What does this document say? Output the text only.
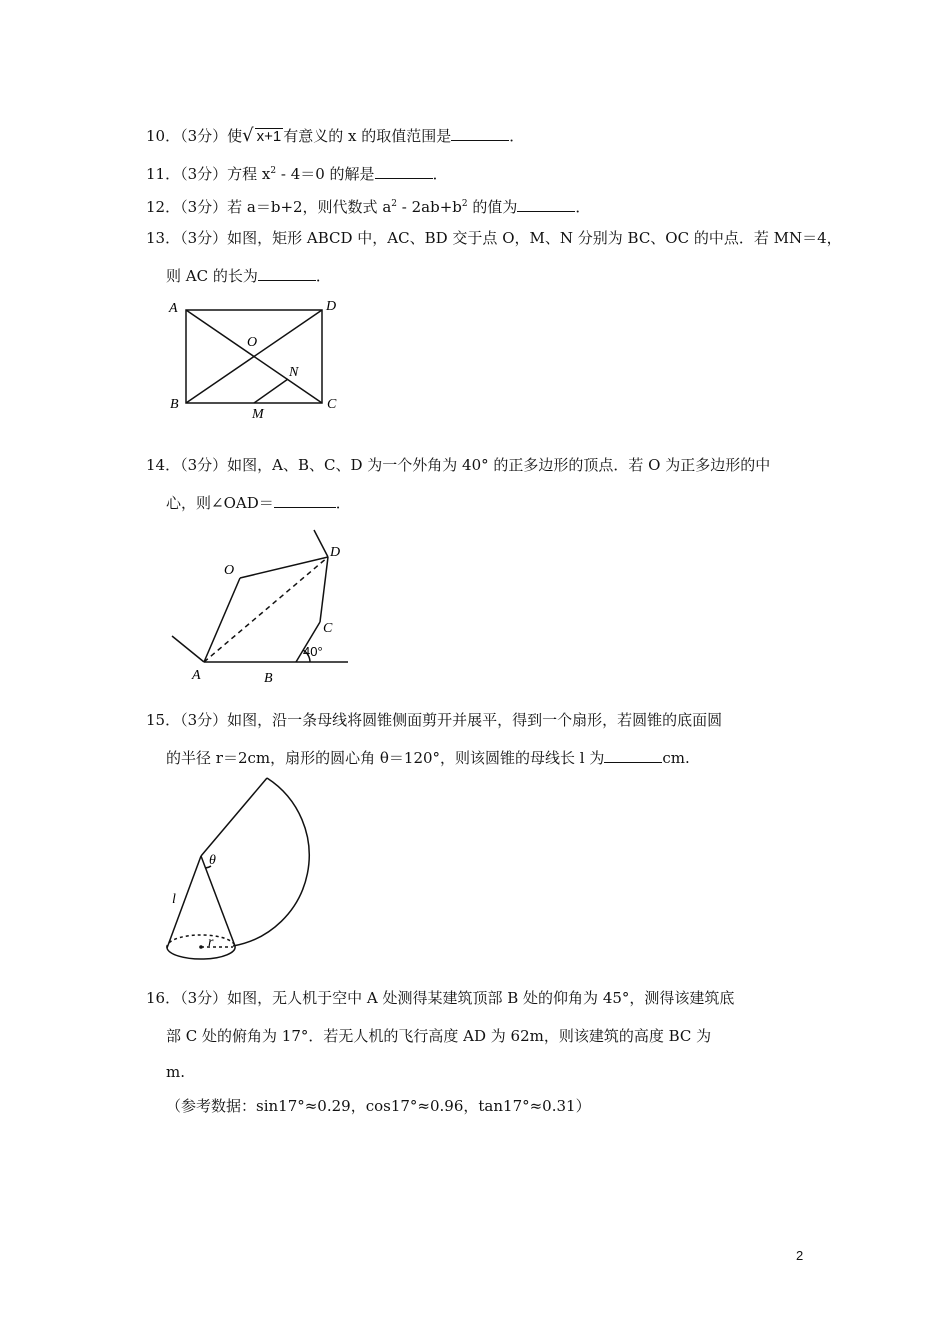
10．（3分）使√ x+1 有意义的 x 的取值范围是	．
11．（3分）方程 $x^2 - 4=0$ 的解是	．
12．（3分）若 a＝b+2，则代数式 $a^2 - 2ab+b^2$ 的值为	．
13．（3分）如图，矩形 ABCD 中，AC、BD 交于点 O，M、N 分别为 BC、OC 的中点．若 MN＝4，
则 AC 的长为	．
A	D
B	C
O
N
M
14．（3分）如图，A、B、C、D 为一个外角为 40° 的正多边形的顶点．若 O 为正多边形的中
心，则∠OAD＝	．
O
D
C
A	B
40°
15．（3分）如图，沿一条母线将圆锥侧面剪开并展平，得到一个扇形，若圆锥的底面圆
的半径 r＝2cm，扇形的圆心角 θ＝120°，则该圆锥的母线长 l 为	cm.
θ
l
r
16．（3分）如图，无人机于空中 A 处测得某建筑顶部 B 处的仰角为 45°，测得该建筑底
部 C 处的俯角为 17°．若无人机的飞行高度 AD 为 62m，则该建筑的高度 BC 为
m.
（参考数据：sin17°≈0.29，cos17°≈0.96，tan17°≈0.31）
2
